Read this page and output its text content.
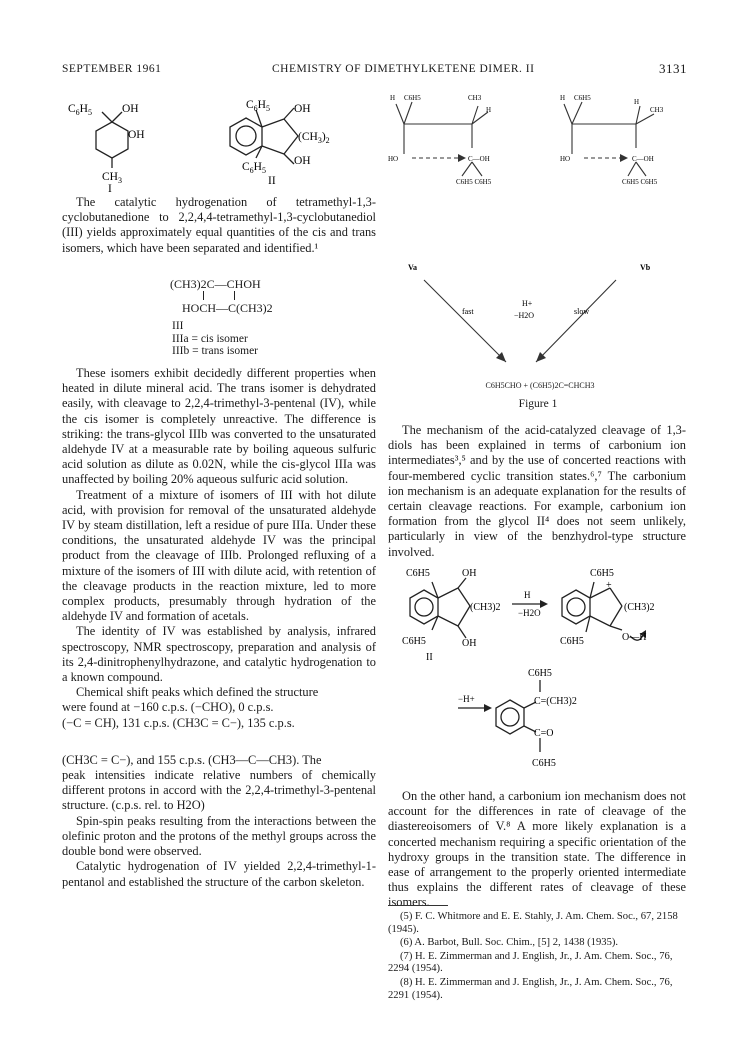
SEPTEMBER 1961	CHEMISTRY OF DIMETHYLKETENE DIMER. II	3131
$C_6H_5$	OH
OH
$CH_3$
I
$C_6H_5$ OH
$(CH_3)_2$
OH
$C_6H_5$
II

The catalytic hydrogenation of tetramethyl-1,3-cyclobutanedione to 2,2,4,4-tetramethyl-1,3-cyclobutanediol (III) yields approximately equal quantities of the cis and trans isomers, which have been separated and identified.¹

(CH3)2C—CHOH
HOCH—C(CH3)2
III
IIIa = cis isomer
IIIb = trans isomer

These isomers exhibit decidedly different properties when heated in dilute mineral acid. The trans isomer is dehydrated easily, with cleavage to 2,2,4-trimethyl-3-pentenal (IV), while the cis isomer is completely unreactive. The difference is striking: the trans-glycol IIIb was converted to the unsaturated aldehyde IV at a measurable rate by boiling aqueous sulfuric acid solution as dilute as 0.02N, while the cis-glycol IIIa was unaffected by boiling 20% aqueous sulfuric acid solution.

Treatment of a mixture of isomers of III with hot dilute acid, with provision for removal of the unsaturated aldehyde IV by steam distillation, left a residue of pure IIIa. Under these conditions, the unsaturated aldehyde IV was the principal product from the cleavage of IIIb. Prolonged refluxing of a mixture of the isomers of III with dilute acid, with retention of the cleavage products in the reaction mixture, led to more complex products, presumably through hydration of the aldehyde IV and formation of acetals.

The identity of IV was established by analysis, infrared spectroscopy, NMR spectroscopy, preparation and analysis of its 2,4-dinitrophenylhydrazone, and catalytic hydrogenation to a known compound.

Chemical shift peaks which defined the structure

were found at −160 c.p.s. (−CHO), 0 c.p.s.

(−C = CH), 131 c.p.s. (CH3C = C−), 135 c.p.s.

(CH3C = C−), and 155 c.p.s. (CH3—C—CH3). The

peak intensities indicate relative numbers of chemically different protons in accord with the 2,2,4-trimethyl-3-pentenal structure. (c.p.s. rel. to H2O)

Spin-spin peaks resulting from the interactions between the olefinic proton and the protons of the methyl groups across the double bond were observed.

Catalytic hydrogenation of IV yielded 2,2,4-trimethyl-1-pentanol and established the structure of the carbon skeleton.

H C6H5	CH3
H
HO	C—OH
C6H5 C6H5
H C6H5	H
CH3
HO	C—OH
C6H5 C6H5
Va	Vb
H+
−H2O
fast	slow
C6H5CHO + (C6H5)2C=CHCH3
Figure 1

The mechanism of the acid-catalyzed cleavage of 1,3-diols has been explained in terms of carbonium ion intermediates³,⁵ and by the use of concerted reactions with four-membered cyclic transition states.⁶,⁷ The carbonium ion mechanism is an adequate explanation for the results of certain cleavage reactions. For example, carbonium ion formation from the glycol II⁴ does not seem unlikely, particularly in view of the benzhydrol-type structure involved.

C6H5	OH
(CH3)2
OH
C6H5
II
H
−H2O
C6H5
+
(CH3)2
O—H
C6H5
C6H5
C=(CH3)2
C=O
C6H5
−H+

On the other hand, a carbonium ion mechanism does not account for the differences in rate of cleavage of the diastereoisomers of V.⁸ A more likely explanation is a concerted mechanism requiring a specific orientation of the hydroxy groups in the transition state. The difference in ease of arrangement to the properly oriented intermediate thus explains the different rates of cleavage of these isomers.

(5) F. C. Whitmore and E. E. Stahly, J. Am. Chem. Soc., 67, 2158 (1945).

(6) A. Barbot, Bull. Soc. Chim., [5] 2, 1438 (1935).

(7) H. E. Zimmerman and J. English, Jr., J. Am. Chem. Soc., 76, 2294 (1954).

(8) H. E. Zimmerman and J. English, Jr., J. Am. Chem. Soc., 76, 2291 (1954).
